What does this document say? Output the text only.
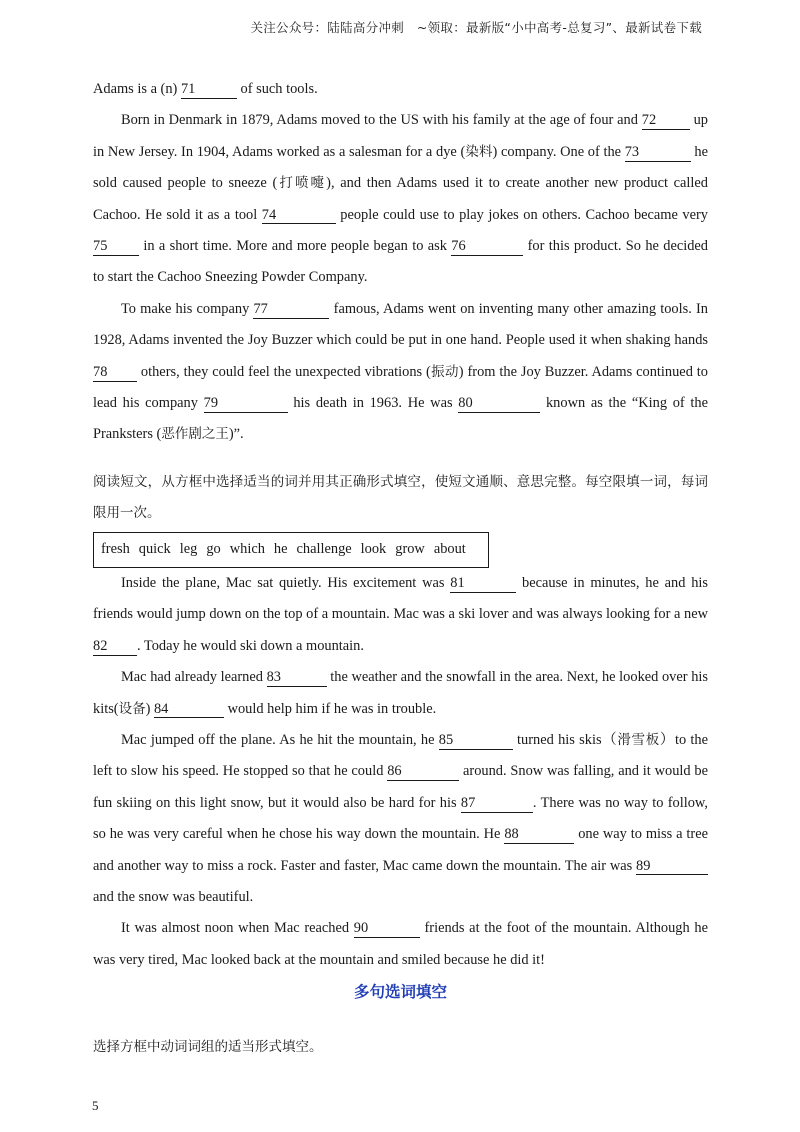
关注公众号：陆陆高分冲刺　~领取：最新版“小中高考-总复习”、最新试卷下载

Adams is a (n) 71	of such tools.

Born in Denmark in 1879, Adams moved to the US with his family at the age of four and 72 up in New Jersey. In 1904, Adams worked as a salesman for a dye (染料) company. One of the 73	he sold caused people to sneeze (打喷嚏), and then Adams used it to create another new product called Cachoo. He sold it as a tool 74	people could use to play jokes on others. Cachoo became very 75 in a short time. More and more people began to ask 76	for this product. So he decided to start the Cachoo Sneezing Powder Company.

To make his company 77	famous, Adams went on inventing many other amazing tools. In 1928, Adams invented the Joy Buzzer which could be put in one hand. People used it when shaking hands 78 others, they could feel the unexpected vibrations (振动) from the Joy Buzzer. Adams continued to lead his company 79	his death in 1963. He was 80	known as the “King of the Pranksters (恶作剧之王)”.

阅读短文，从方框中选择适当的词并用其正确形式填空，使短文通顺、意思完整。每空限填一词，每词限用一次。

fresh quick leg go which he challenge look grow about

Inside the plane, Mac sat quietly. His excitement was 81	because in minutes, he and his friends would jump down on the top of a mountain. Mac was a ski lover and was always looking for a new 82 . Today he would ski down a mountain.

Mac had already learned 83	the weather and the snowfall in the area. Next, he looked over his kits(设备) 84	would help him if he was in trouble.

Mac jumped off the plane. As he hit the mountain, he 85	turned his skis（滑雪板）to the left to slow his speed. He stopped so that he could 86	around. Snow was falling, and it would be fun skiing on this light snow, but it would also be hard for his 87	. There was no way to follow, so he was very careful when he chose his way down the mountain. He 88	one way to miss a tree and another way to miss a rock. Faster and faster, Mac came down the mountain. The air was 89 and the snow was beautiful.

It was almost noon when Mac reached 90	friends at the foot of the mountain. Although he was very tired, Mac looked back at the mountain and smiled because he did it!

多句选词填空

选择方框中动词词组的适当形式填空。

5
